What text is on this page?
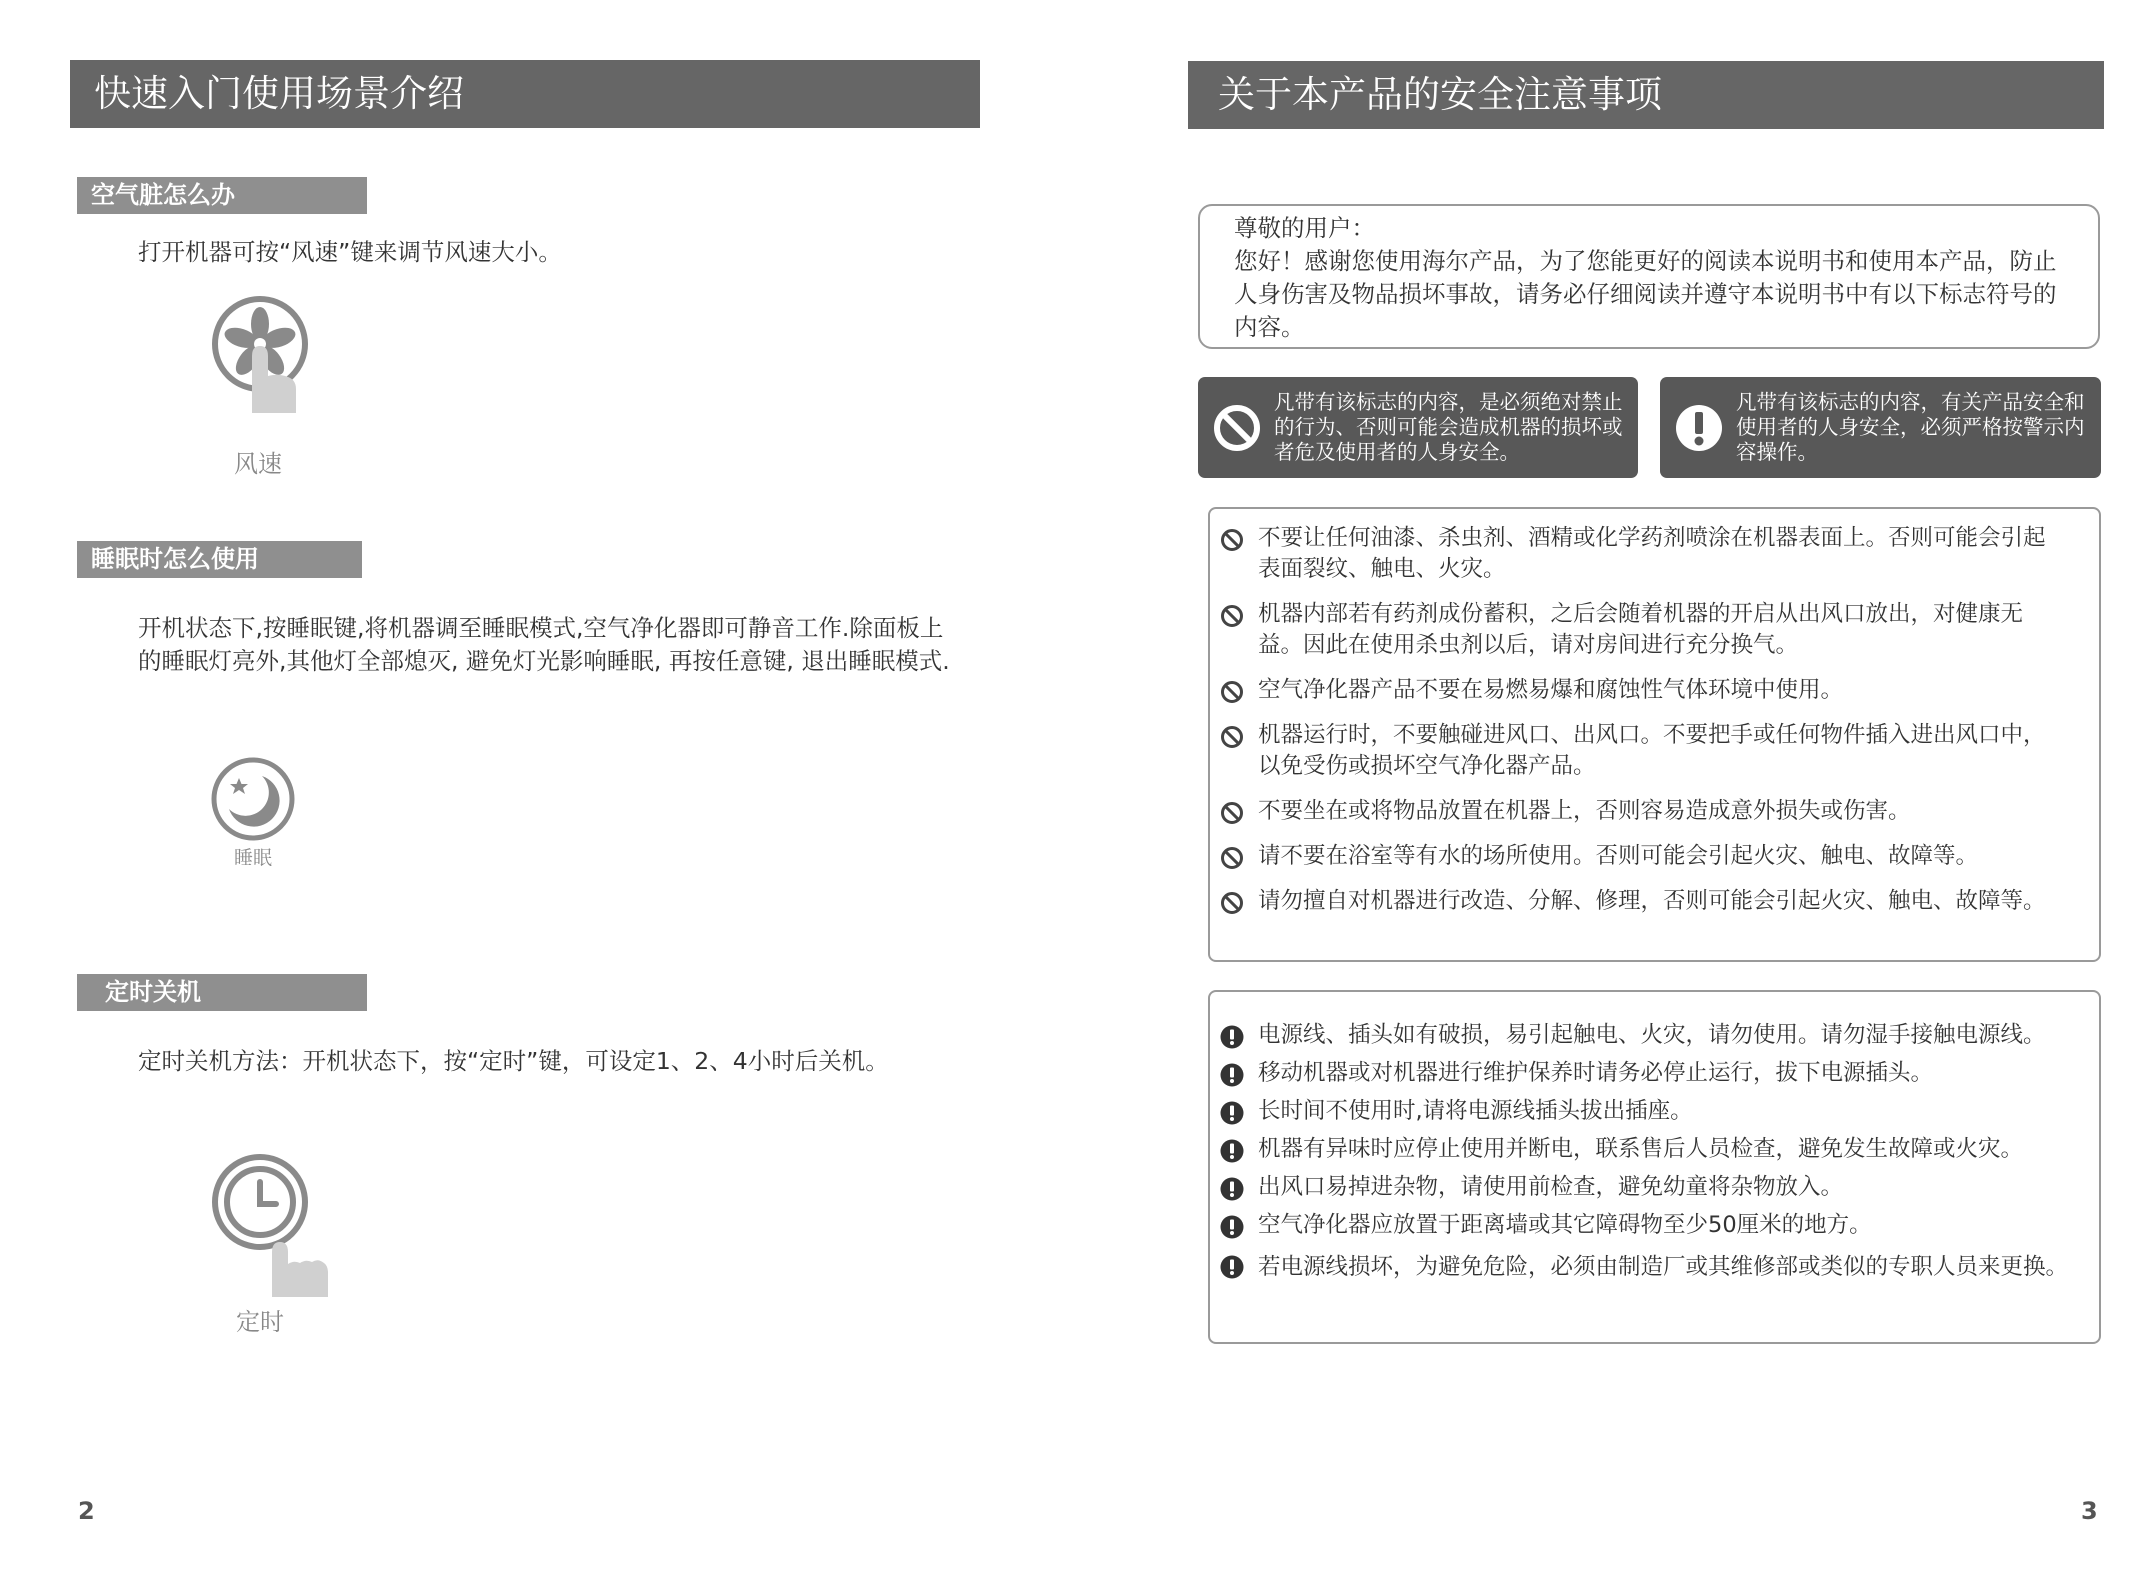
快速入门使用场景介绍
空气脏怎么办
打开机器可按“风速”键来调节风速大小。
风速
睡眠时怎么使用
开机状态下,按睡眠键,将机器调至睡眠模式,空气净化器即可静音工作.除面板上的睡眠灯亮外,其他灯全部熄灭, 避免灯光影响睡眠, 再按任意键, 退出睡眠模式.
睡眠
定时关机
定时关机方法：开机状态下，按“定时”键，可设定1、2、4小时后关机。
定时
2
关于本产品的安全注意事项
尊敬的用户：
您好！感谢您使用海尔产品，为了您能更好的阅读本说明书和使用本产品，防止人身伤害及物品损坏事故，请务必仔细阅读并遵守本说明书中有以下标志符号的内容。
凡带有该标志的内容，是必须绝对禁止的行为、否则可能会造成机器的损坏或者危及使用者的人身安全。
凡带有该标志的内容，有关产品安全和使用者的人身安全，必须严格按警示内容操作。
不要让任何油漆、杀虫剂、酒精或化学药剂喷涂在机器表面上。否则可能会引起表面裂纹、触电、火灾。
机器内部若有药剂成份蓄积，之后会随着机器的开启从出风口放出，对健康无益。因此在使用杀虫剂以后，请对房间进行充分换气。
空气净化器产品不要在易燃易爆和腐蚀性气体环境中使用。
机器运行时，不要触碰进风口、出风口。不要把手或任何物件插入进出风口中，以免受伤或损坏空气净化器产品。
不要坐在或将物品放置在机器上，否则容易造成意外损失或伤害。
请不要在浴室等有水的场所使用。否则可能会引起火灾、触电、故障等。
请勿擅自对机器进行改造、分解、修理，否则可能会引起火灾、触电、故障等。
电源线、插头如有破损，易引起触电、火灾，请勿使用。请勿湿手接触电源线。
移动机器或对机器进行维护保养时请务必停止运行，拔下电源插头。
长时间不使用时,请将电源线插头拔出插座。
机器有异味时应停止使用并断电，联系售后人员检查，避免发生故障或火灾。
出风口易掉进杂物，请使用前检查，避免幼童将杂物放入。
空气净化器应放置于距离墙或其它障碍物至少50厘米的地方。
若电源线损坏，为避免危险，必须由制造厂或其维修部或类似的专职人员来更换。
3
